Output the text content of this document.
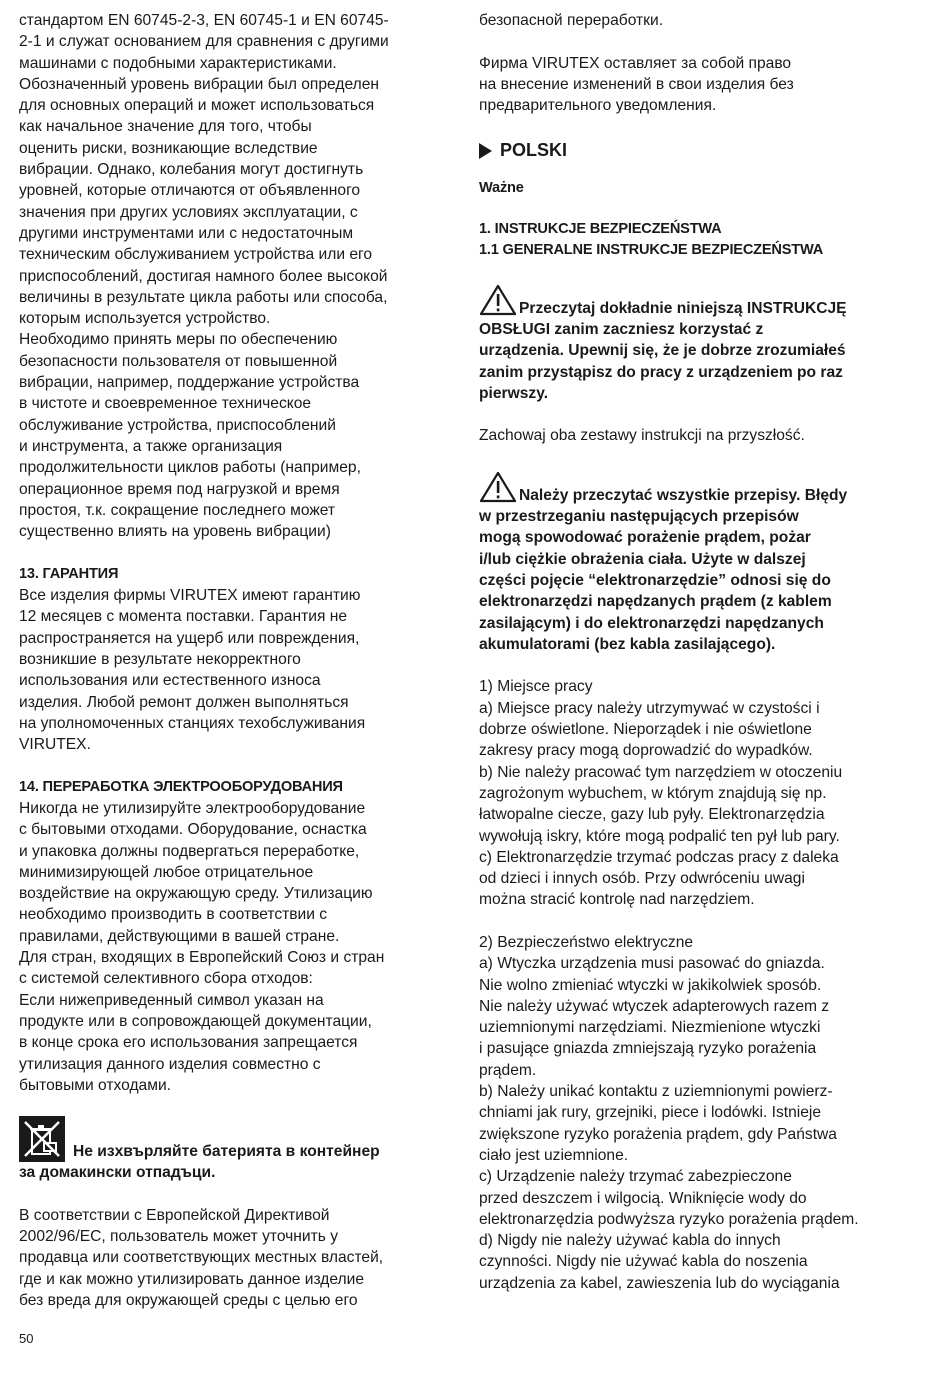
стандартом EN 60745-2-3, EN 60745-1 и EN 60745-
2-1 и служат основанием для сравнения с другими
машинами с подобными характеристиками.
Обозначенный уровень вибрации был определен
для основных операций и может использоваться
как начальное значение для того, чтобы
оценить риски, возникающие вследствие
вибрации. Однако, колебания могут достигнуть
уровней, которые отличаются от объявленного
значения при других условиях эксплуатации, с
другими инструментами или с недостаточным
техническим обслуживанием устройства или его
приспособлений, достигая намного более высокой
величины в результате цикла работы или способа,
которым используется устройство.
Необходимо принять меры по обеспечению
безопасности пользователя от повышенной
вибрации, например, поддержание устройства
в чистоте и своевременное техническое
обслуживание устройства, приспособлений
и инструмента, а также организация
продолжительности циклов работы (например,
операционное время под нагрузкой и время
простоя, т.к. сокращение последнего может
существенно влиять на уровень вибрации)
13. ГАРАНТИЯ
Все изделия фирмы VIRUTEX имеют гарантию
12 месяцев с момента поставки. Гарантия не
распространяется на ущерб или повреждения,
возникшие в результате некорректного
использования или естественного износа
изделия. Любой ремонт должен выполняться
на уполномоченных станциях техобслуживания
VIRUTEX.
14. ПЕРЕРАБОТКА ЭЛЕКТРООБОРУДОВАНИЯ
Никогда не утилизируйте электрооборудование
с бытовыми отходами. Оборудование, оснастка
и упаковка должны подвергаться переработке,
минимизирующей любое отрицательное
воздействие на окружающую среду. Утилизацию
необходимо производить в соответствии с
правилами, действующими в вашей стране.
Для стран, входящих в Европейский Союз и стран
с системой селективного сбора отходов:
Если нижеприведенный символ указан на
продукте или в сопровождающей документации,
в конце срока его использования запрещается
утилизация данного изделия совместно с
бытовыми отходами.
Не изхвърляйте батерията в контейнер
за домакински отпадъци.
В соответствии с Европейской Директивой
2002/96/ЕС, пользователь может уточнить у
продавца или соответствующих местных властей,
где и как можно утилизировать данное изделие
без вреда для окружающей среды с целью его
безопасной переработки.
Фирма VIRUTEX оставляет за собой право
на внесение изменений в свои изделия без
предварительного уведомления.
POLSKI
Ważne
1. INSTRUKCJE BEZPIECZEŃSTWA
1.1 GENERALNE INSTRUKCJE BEZPIECZEŃSTWA
Przeczytaj dokładnie niniejszą INSTRUKCJĘ
OBSŁUGI zanim zaczniesz korzystać z
urządzenia. Upewnij się, że je dobrze zrozumiałeś
zanim przystąpisz do pracy z urządzeniem po raz
pierwszy.
Zachowaj oba zestawy instrukcji na przyszłość.
Należy przeczytać wszystkie przepisy. Błędy
w przestrzeganiu następujących przepisów
mogą spowodować porażenie prądem, pożar
i/lub ciężkie obrażenia ciała. Użyte w dalszej
części pojęcie “elektronarzędzie” odnosi się do
elektronarzędzi napędzanych prądem (z kablem
zasilającym) i do elektronarzędzi napędzanych
akumulatorami (bez kabla zasilającego).
1) Miejsce pracy
a) Miejsce pracy należy utrzymywać w czystości i
dobrze oświetlone. Nieporządek i nie oświetlone
zakresy pracy mogą doprowadzić do wypadków.
b) Nie należy pracować tym narzędziem w otoczeniu
zagrożonym wybuchem, w którym znajdują się np.
łatwopalne ciecze, gazy lub pyły. Elektronarzędzia
wywołują iskry, które mogą podpalić ten pył lub pary.
c) Elektronarzędzie trzymać podczas pracy z daleka
od dzieci i innych osób. Przy odwróceniu uwagi
można stracić kontrolę nad narzędziem.
2) Bezpieczeństwo elektryczne
a) Wtyczka urządzenia musi pasować do gniazda.
Nie wolno zmieniać wtyczki w jakikolwiek sposób.
Nie należy używać wtyczek adapterowych razem z
uziemnionymi narzędziami. Niezmienione wtyczki
i pasujące gniazda zmniejszają ryzyko porażenia
prądem.
b) Należy unikać kontaktu z uziemnionymi powierz-
chniami jak rury, grzejniki, piece i lodówki. Istnieje
zwiększone ryzyko porażenia prądem, gdy Państwa
ciało jest uziemnione.
c) Urządzenie należy trzymać zabezpieczone
przed deszczem i wilgocią. Wniknięcie wody do
elektronarzędzia podwyższa ryzyko porażenia prądem.
d) Nigdy nie należy używać kabla do innych
czynności. Nigdy nie używać kabla do noszenia
urządzenia za kabel, zawieszenia lub do wyciągania
50
